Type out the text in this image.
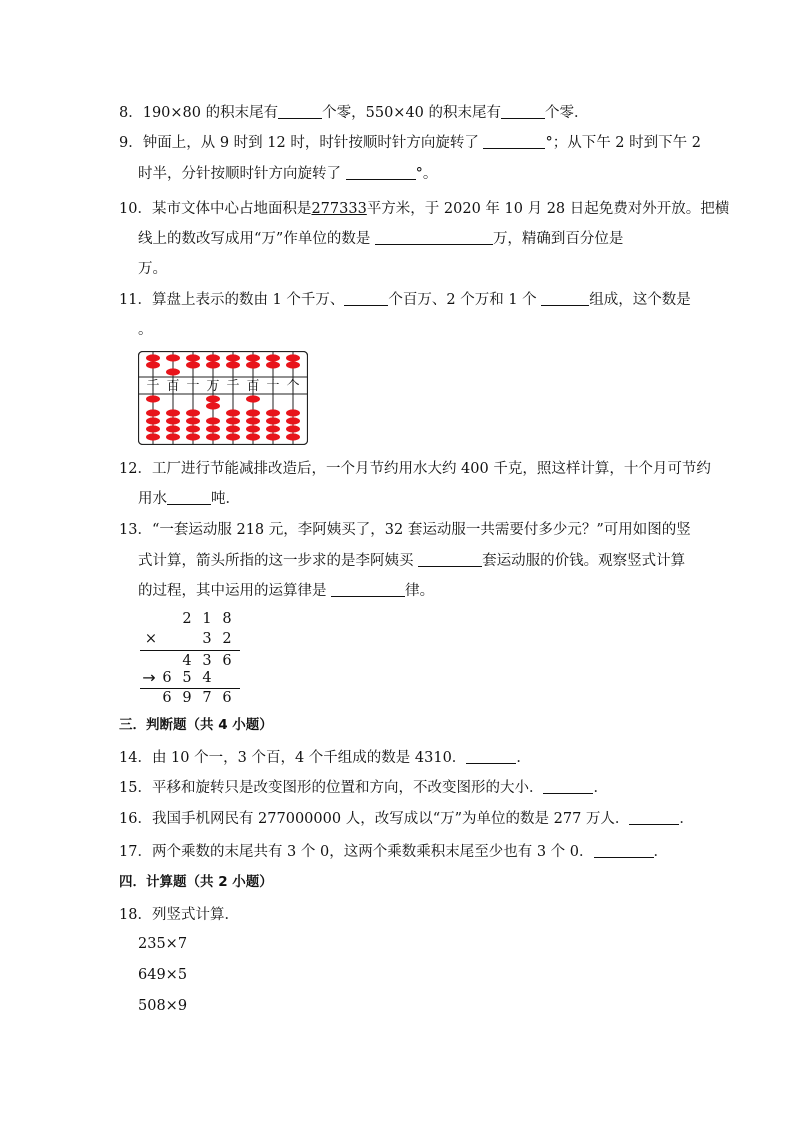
8．190×80 的积末尾有	个零，550×40 的积末尾有	个零．
9．钟面上，从 9 时到 12 时，时针按顺时针方向旋转了	°；从下午 2 时到下午 2
时半，分针按顺时针方向旋转了	°。
10．某市文体中心占地面积是277333平方米，于 2020 年 10 月 28 日起免费对外开放。把横
线上的数改写成用“万”作单位的数是	万，精确到百分位是
万。
11．算盘上表示的数由 1 个千万、	个百万、2 个万和 1 个	组成，这个数是
。
千 百 十 万 千 百 十 个
12．工厂进行节能减排改造后，一个月节约用水大约 400 千克，照这样计算，十个月可节约
用水	吨．
13．“一套运动服 218 元，李阿姨买了，32 套运动服一共需要付多少元？”可用如图的竖
式计算，箭头所指的这一步求的是李阿姨买	套运动服的价钱。观察竖式计算
的过程，其中运用的运算律是	律。
2 1 8
×	3 2
4 3 6
→ 6 5 4
6 9 7 6
三．判断题（共 4 小题）
14．由 10 个一，3 个百，4 个千组成的数是 4310．	．
15．平移和旋转只是改变图形的位置和方向，不改变图形的大小．	．
16．我国手机网民有 277000000 人，改写成以“万”为单位的数是 277 万人．	．
17．两个乘数的末尾共有 3 个 0，这两个乘数乘积末尾至少也有 3 个 0．	．
四．计算题（共 2 小题）
18．列竖式计算．
235×7
649×5
508×9
